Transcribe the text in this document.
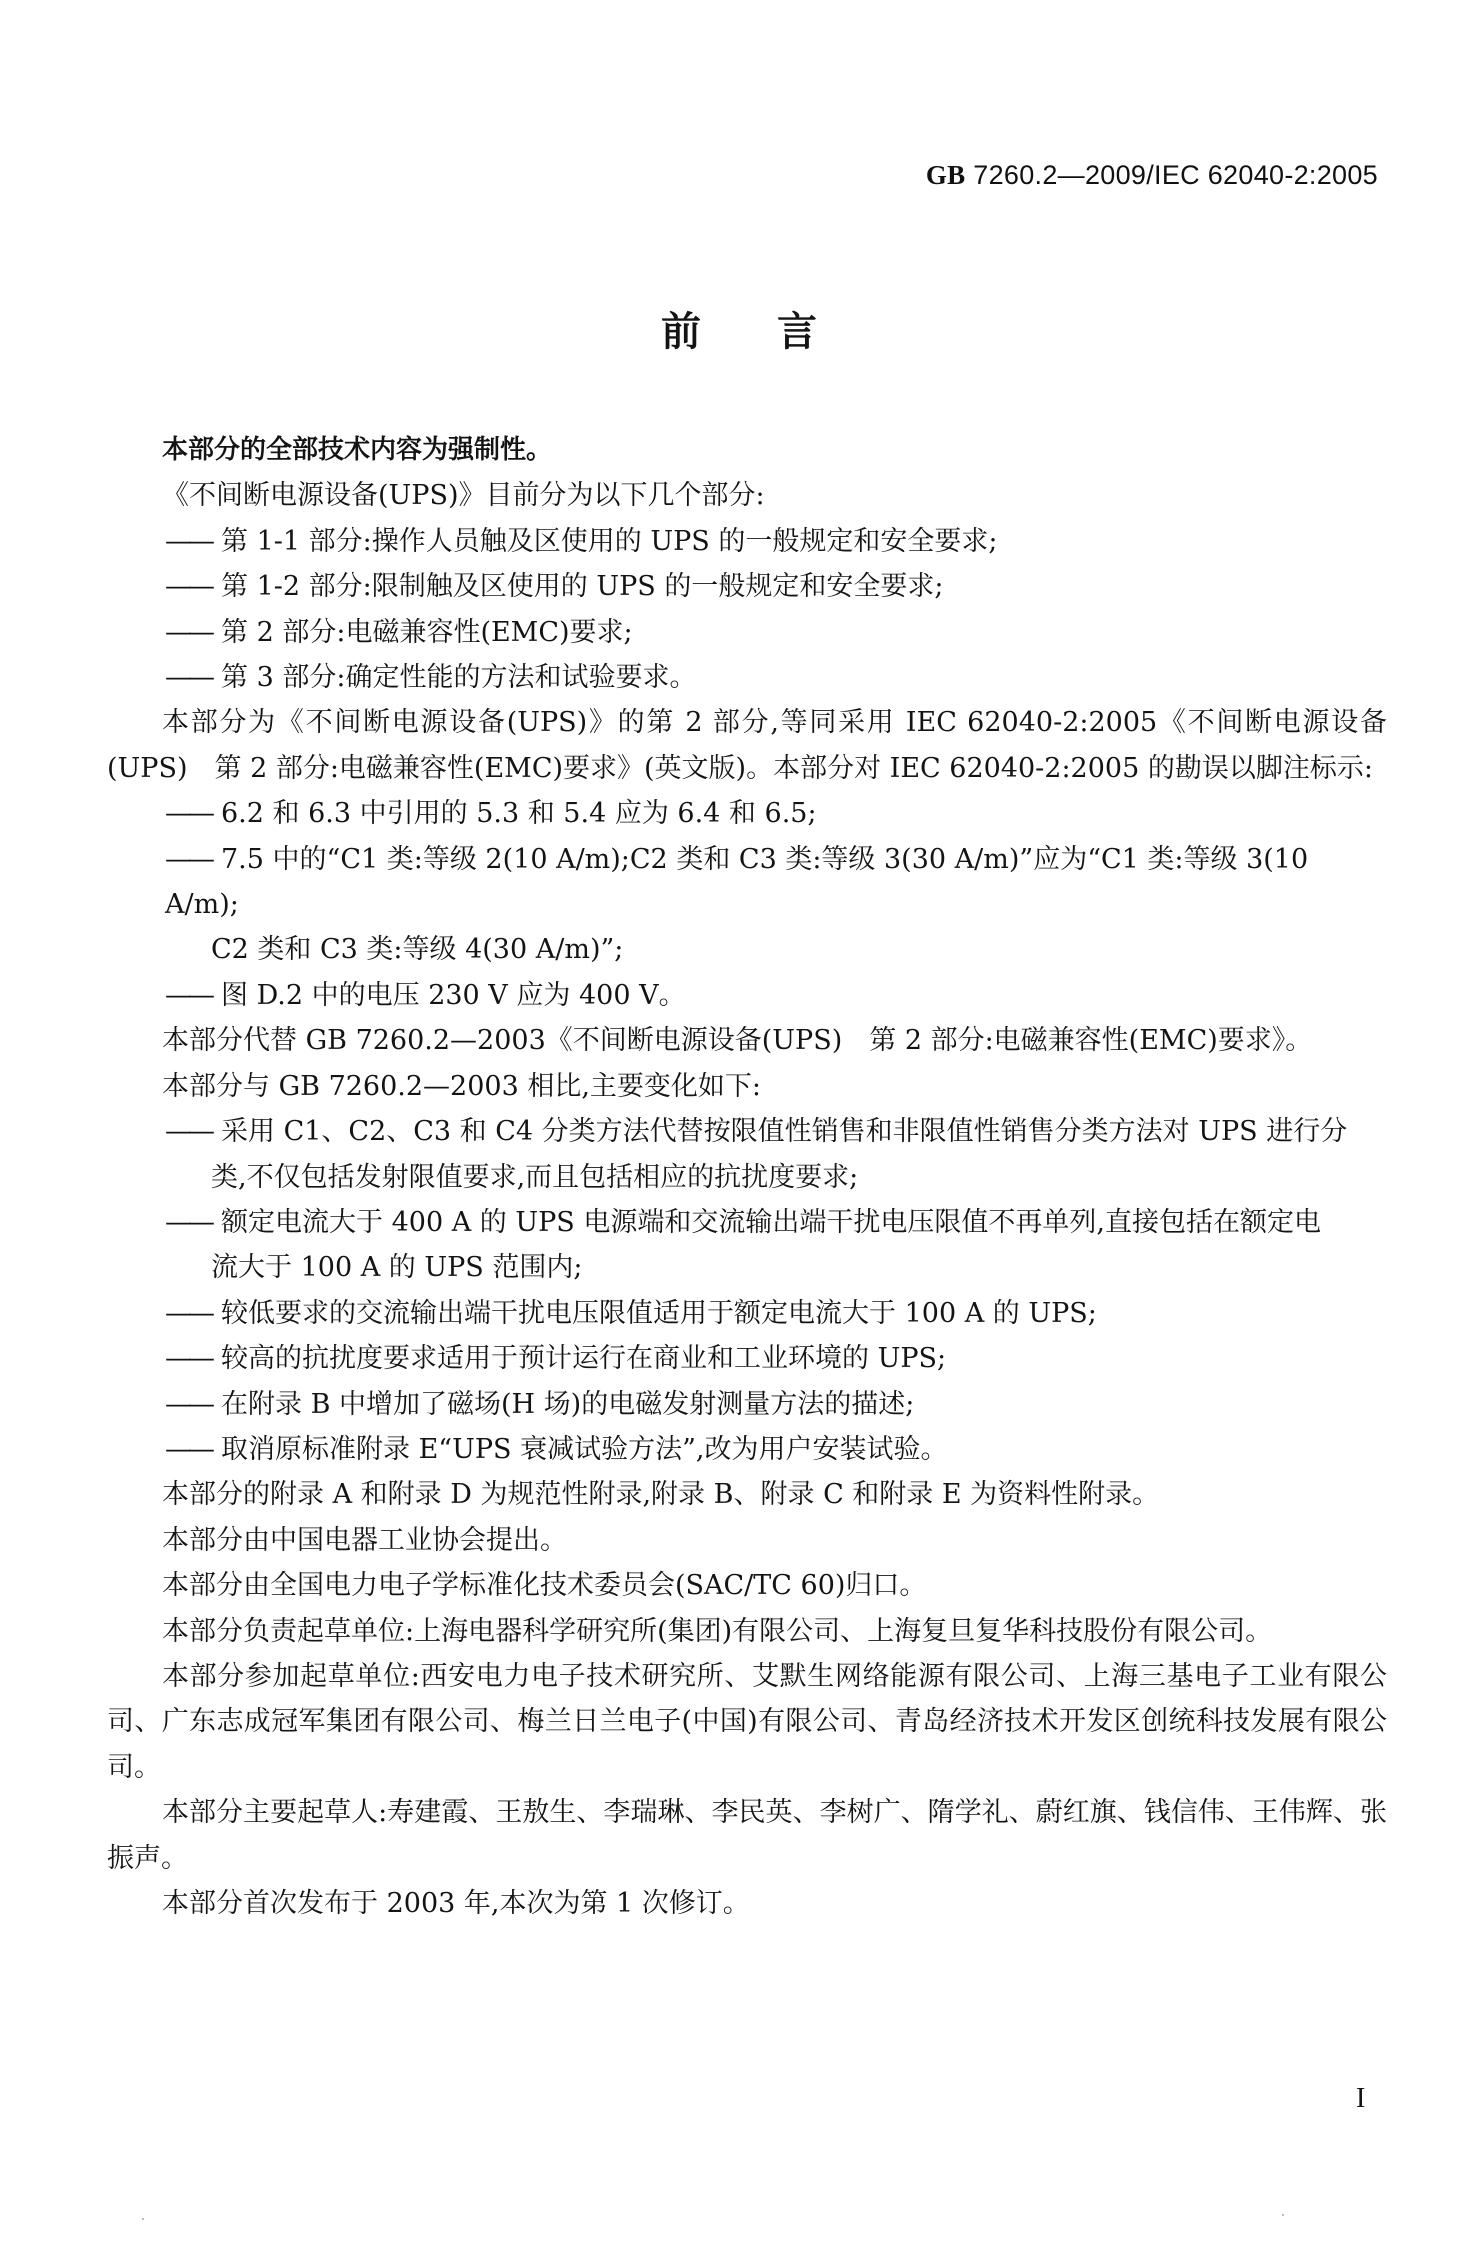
GB 7260.2—2009/IEC 62040-2:2005
前 言

本部分的全部技术内容为强制性。

《不间断电源设备(UPS)》目前分为以下几个部分:

—— 第 1-1 部分:操作人员触及区使用的 UPS 的一般规定和安全要求;

—— 第 1-2 部分:限制触及区使用的 UPS 的一般规定和安全要求;

—— 第 2 部分:电磁兼容性(EMC)要求;

—— 第 3 部分:确定性能的方法和试验要求。

本部分为《不间断电源设备(UPS)》的第 2 部分,等同采用 IEC 62040-2:2005《不间断电源设备(UPS)　第 2 部分:电磁兼容性(EMC)要求》(英文版)。本部分对 IEC 62040-2:2005 的勘误以脚注标示:

—— 6.2 和 6.3 中引用的 5.3 和 5.4 应为 6.4 和 6.5;

—— 7.5 中的“C1 类:等级 2(10 A/m);C2 类和 C3 类:等级 3(30 A/m)”应为“C1 类:等级 3(10 A/m);
C2 类和 C3 类:等级 4(30 A/m)”;

—— 图 D.2 中的电压 230 V 应为 400 V。

本部分代替 GB 7260.2—2003《不间断电源设备(UPS)　第 2 部分:电磁兼容性(EMC)要求》。

本部分与 GB 7260.2—2003 相比,主要变化如下:

—— 采用 C1、C2、C3 和 C4 分类方法代替按限值性销售和非限值性销售分类方法对 UPS 进行分
类,不仅包括发射限值要求,而且包括相应的抗扰度要求;

—— 额定电流大于 400 A 的 UPS 电源端和交流输出端干扰电压限值不再单列,直接包括在额定电
流大于 100 A 的 UPS 范围内;

—— 较低要求的交流输出端干扰电压限值适用于额定电流大于 100 A 的 UPS;

—— 较高的抗扰度要求适用于预计运行在商业和工业环境的 UPS;

—— 在附录 B 中增加了磁场(H 场)的电磁发射测量方法的描述;

—— 取消原标准附录 E“UPS 衰减试验方法”,改为用户安装试验。

本部分的附录 A 和附录 D 为规范性附录,附录 B、附录 C 和附录 E 为资料性附录。

本部分由中国电器工业协会提出。

本部分由全国电力电子学标准化技术委员会(SAC/TC 60)归口。

本部分负责起草单位:上海电器科学研究所(集团)有限公司、上海复旦复华科技股份有限公司。

本部分参加起草单位:西安电力电子技术研究所、艾默生网络能源有限公司、上海三基电子工业有限公司、广东志成冠军集团有限公司、梅兰日兰电子(中国)有限公司、青岛经济技术开发区创统科技发展有限公司。

本部分主要起草人:寿建霞、王敖生、李瑞琳、李民英、李树广、隋学礼、蔚红旗、钱信伟、王伟辉、张振声。

本部分首次发布于 2003 年,本次为第 1 次修订。

I
